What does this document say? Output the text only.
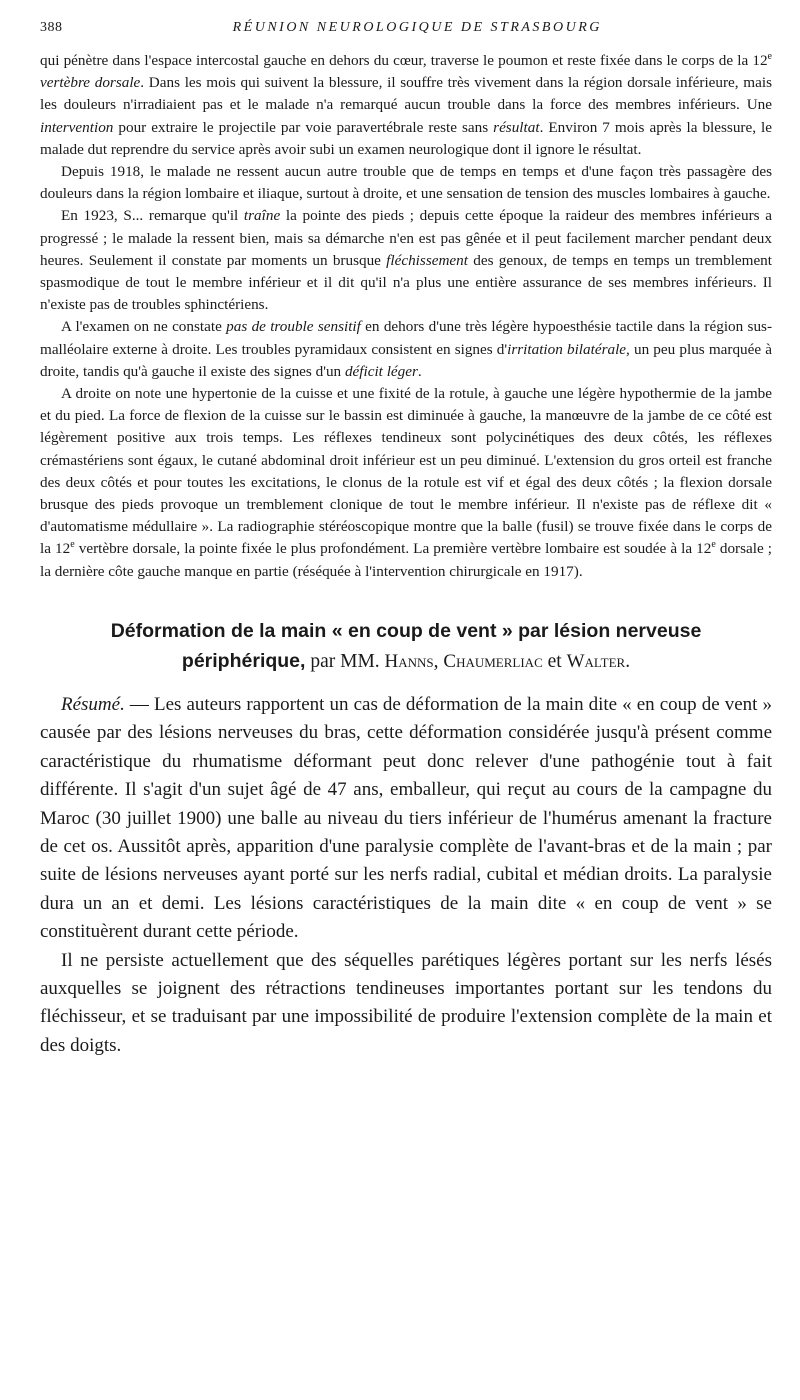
388	RÉUNION NEUROLOGIQUE DE STRASBOURG

qui pénètre dans l'espace intercostal gauche en dehors du cœur, traverse le poumon et reste fixée dans le corps de la 12e vertèbre dorsale. Dans les mois qui suivent la blessure, il souffre très vivement dans la région dorsale inférieure, mais les douleurs n'irradiaient pas et le malade n'a remarqué aucun trouble dans la force des membres inférieurs. Une intervention pour extraire le projectile par voie paravertébrale reste sans résultat. Environ 7 mois après la blessure, le malade dut reprendre du service après avoir subi un examen neurologique dont il ignore le résultat.

Depuis 1918, le malade ne ressent aucun autre trouble que de temps en temps et d'une façon très passagère des douleurs dans la région lombaire et iliaque, surtout à droite, et une sensation de tension des muscles lombaires à gauche.

En 1923, S... remarque qu'il traîne la pointe des pieds ; depuis cette époque la raideur des membres inférieurs a progressé ; le malade la ressent bien, mais sa démarche n'en est pas gênée et il peut facilement marcher pendant deux heures. Seulement il constate par moments un brusque fléchissement des genoux, de temps en temps un tremblement spasmodique de tout le membre inférieur et il dit qu'il n'a plus une entière assurance de ses membres inférieurs. Il n'existe pas de troubles sphinctériens.

A l'examen on ne constate pas de trouble sensitif en dehors d'une très légère hypoesthésie tactile dans la région sus-malléolaire externe à droite. Les troubles pyramidaux consistent en signes d'irritation bilatérale, un peu plus marquée à droite, tandis qu'à gauche il existe des signes d'un déficit léger.

A droite on note une hypertonie de la cuisse et une fixité de la rotule, à gauche une légère hypothermie de la jambe et du pied. La force de flexion de la cuisse sur le bassin est diminuée à gauche, la manœuvre de la jambe de ce côté est légèrement positive aux trois temps. Les réflexes tendineux sont polycinétiques des deux côtés, les réflexes crémastériens sont égaux, le cutané abdominal droit inférieur est un peu diminué. L'extension du gros orteil est franche des deux côtés et pour toutes les excitations, le clonus de la rotule est vif et égal des deux côtés ; la flexion dorsale brusque des pieds provoque un tremblement clonique de tout le membre inférieur. Il n'existe pas de réflexe dit « d'automatisme médullaire ». La radiographie stéréoscopique montre que la balle (fusil) se trouve fixée dans le corps de la 12e vertèbre dorsale, la pointe fixée le plus profondément. La première vertèbre lombaire est soudée à la 12e dorsale ; la dernière côte gauche manque en partie (réséquée à l'intervention chirurgicale en 1917).

Déformation de la main « en coup de vent » par lésion nerveuse périphérique, par MM. Hanns, Chaumerliac et Walter.

Résumé. — Les auteurs rapportent un cas de déformation de la main dite « en coup de vent » causée par des lésions nerveuses du bras, cette déformation considérée jusqu'à présent comme caractéristique du rhumatisme déformant peut donc relever d'une pathogénie tout à fait différente. Il s'agit d'un sujet âgé de 47 ans, emballeur, qui reçut au cours de la campagne du Maroc (30 juillet 1900) une balle au niveau du tiers inférieur de l'humérus amenant la fracture de cet os. Aussitôt après, apparition d'une paralysie complète de l'avant-bras et de la main ; par suite de lésions nerveuses ayant porté sur les nerfs radial, cubital et médian droits. La paralysie dura un an et demi. Les lésions caractéristiques de la main dite « en coup de vent » se constituèrent durant cette période.

Il ne persiste actuellement que des séquelles parétiques légères portant sur les nerfs lésés auxquelles se joignent des rétractions tendineuses importantes portant sur les tendons du fléchisseur, et se traduisant par une impossibilité de produire l'extension complète de la main et des doigts.
